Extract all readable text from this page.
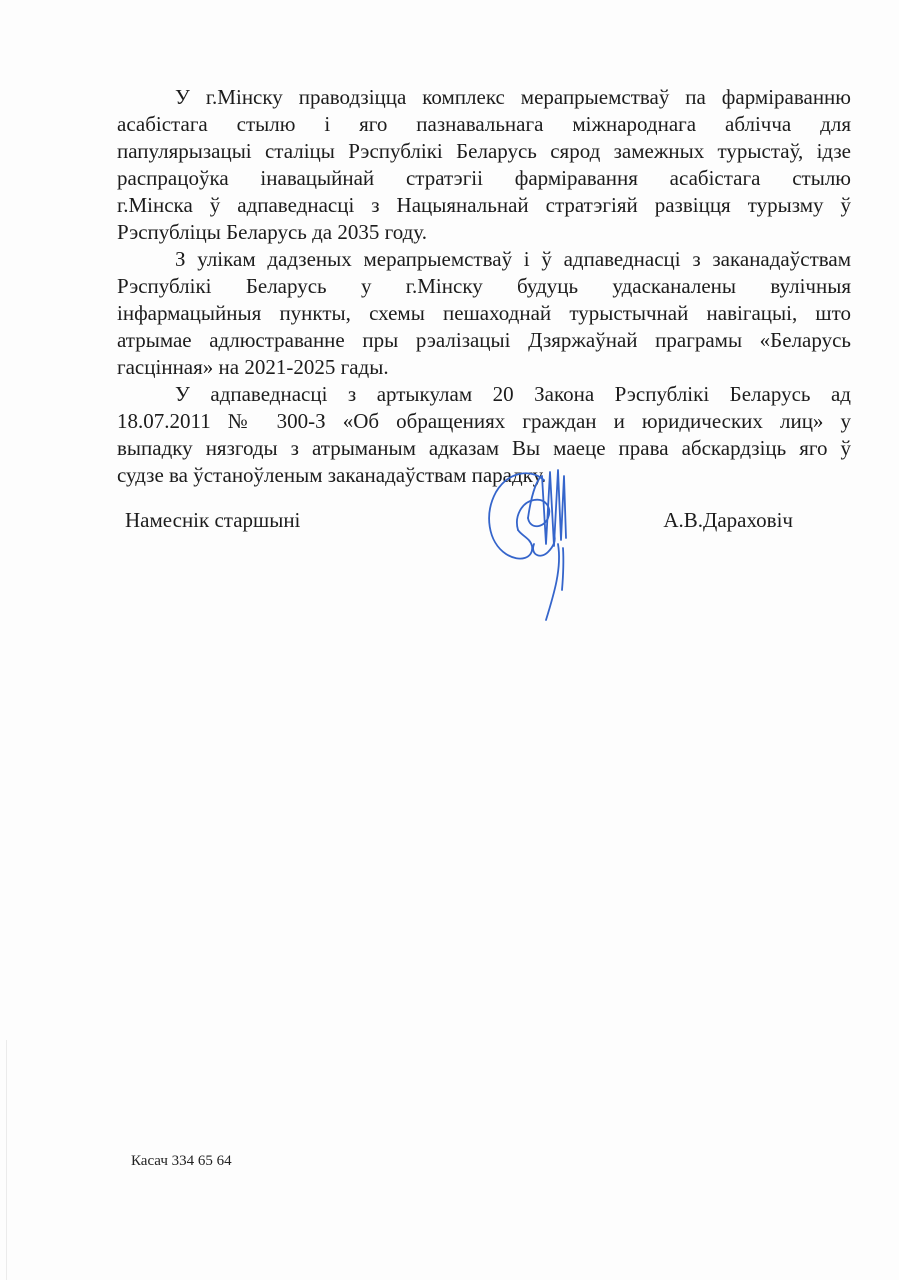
У г.Мінску праводзіцца комплекс мерапрыемстваў па фарміраванню
асабістага стылю і яго пазнавальнага міжнароднага аблічча для
папулярызацыі сталіцы Рэспублікі Беларусь сярод замежных турыстаў, ідзе
распрацоўка інавацыйнай стратэгіі фарміравання асабістага стылю
г.Мінска ў адпаведнасці з Нацыянальнай стратэгіяй развіцця турызму ў
Рэспубліцы Беларусь да 2035 году.
З улікам дадзеных мерапрыемстваў і ў адпаведнасці з заканадаўствам
Рэспублікі Беларусь у г.Мінску будуць удасканалены вулічныя
інфармацыйныя пункты, схемы пешаходнай турыстычнай навігацыі, што
атрымае адлюстраванне пры рэалізацыі Дзяржаўнай праграмы «Беларусь
гасцінная» на 2021-2025 гады.
У адпаведнасці з артыкулам 20 Закона Рэспублікі Беларусь ад
18.07.2011 № 300-З «Об обращениях граждан и юридических лиц» у
выпадку нязгоды з атрыманым адказам Вы маеце права абскардзіць яго ў
судзе ва ўстаноўленым заканадаўствам парадку.
Намеснік старшыні	А.В.Дараховіч
Касач 334 65 64
